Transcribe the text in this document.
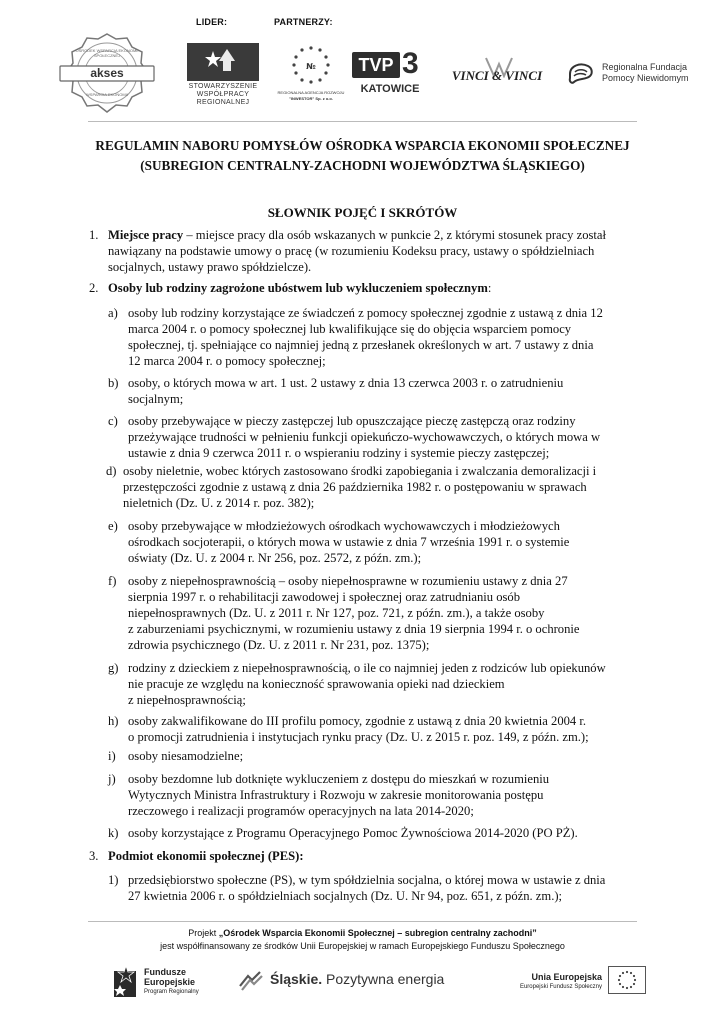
LIDER:	PARTNERZY:
akses
OŚRODEK WSPARCIA EKONOMII SPOŁECZNEJ
WSPARCIA EKONOMII
STOWARZYSZENIE
WSPÓŁPRACY
REGIONALNEJ
№
REGIONALNA AGENCJA ROZWOJU
"INWESTOR" Sp. z o.o.
TVP 3
KATOWICE
VINCI & VINCI
Regionalna Fundacja
Pomocy Niewidomym
REGULAMIN NABORU POMYSŁÓW OŚRODKA WSPARCIA EKONOMII SPOŁECZNEJ
(SUBREGION CENTRALNY-ZACHODNI WOJEWÓDZTWA ŚLĄSKIEGO)
SŁOWNIK POJĘĆ I SKRÓTÓW
1. Miejsce pracy – miejsce pracy dla osób wskazanych w punkcie 2, z którymi stosunek pracy został
nawiązany na podstawie umowy o pracę (w rozumieniu Kodeksu pracy, ustawy o spółdzielniach
socjalnych, ustawy prawo spółdzielcze).
2. Osoby lub rodziny zagrożone ubóstwem lub wykluczeniem społecznym:
a) osoby lub rodziny korzystające ze świadczeń z pomocy społecznej zgodnie z ustawą z dnia 12
marca 2004 r. o pomocy społecznej lub kwalifikujące się do objęcia wsparciem pomocy
społecznej, tj. spełniające co najmniej jedną z przesłanek określonych w art. 7 ustawy z dnia
12 marca 2004 r. o pomocy społecznej;
b) osoby, o których mowa w art. 1 ust. 2 ustawy z dnia 13 czerwca 2003 r. o zatrudnieniu
socjalnym;
c) osoby przebywające w pieczy zastępczej lub opuszczające pieczę zastępczą oraz rodziny
przeżywające trudności w pełnieniu funkcji opiekuńczo-wychowawczych, o których mowa w
ustawie z dnia 9 czerwca 2011 r. o wspieraniu rodziny i systemie pieczy zastępczej;
d) osoby nieletnie, wobec których zastosowano środki zapobiegania i zwalczania demoralizacji i
przestępczości zgodnie z ustawą z dnia 26 października 1982 r. o postępowaniu w sprawach
nieletnich (Dz. U. z 2014 r. poz. 382);
e) osoby przebywające w młodzieżowych ośrodkach wychowawczych i młodzieżowych
ośrodkach socjoterapii, o których mowa w ustawie z dnia 7 września 1991 r. o systemie
oświaty (Dz. U. z 2004 r. Nr 256, poz. 2572, z późn. zm.);
f) osoby z niepełnosprawnością – osoby niepełnosprawne w rozumieniu ustawy z dnia 27
sierpnia 1997 r. o rehabilitacji zawodowej i społecznej oraz zatrudnianiu osób
niepełnosprawnych (Dz. U. z 2011 r. Nr 127, poz. 721, z późn. zm.), a także osoby
z zaburzeniami psychicznymi, w rozumieniu ustawy z dnia 19 sierpnia 1994 r. o ochronie
zdrowia psychicznego (Dz. U. z 2011 r. Nr 231, poz. 1375);
g) rodziny z dzieckiem z niepełnosprawnością, o ile co najmniej jeden z rodziców lub opiekunów
nie pracuje ze względu na konieczność sprawowania opieki nad dzieckiem
z niepełnosprawnością;
h) osoby zakwalifikowane do III profilu pomocy, zgodnie z ustawą z dnia 20 kwietnia 2004 r.
o promocji zatrudnienia i instytucjach rynku pracy (Dz. U. z 2015 r. poz. 149, z późn. zm.);
i) osoby niesamodzielne;
j) osoby bezdomne lub dotknięte wykluczeniem z dostępu do mieszkań w rozumieniu
Wytycznych Ministra Infrastruktury i Rozwoju w zakresie monitorowania postępu
rzeczowego i realizacji programów operacyjnych na lata 2014-2020;
k) osoby korzystające z Programu Operacyjnego Pomoc Żywnościowa 2014-2020 (PO PŻ).
3. Podmiot ekonomii społecznej (PES):
1) przedsiębiorstwo społeczne (PS), w tym spółdzielnia socjalna, o której mowa w ustawie z dnia
27 kwietnia 2006 r. o spółdzielniach socjalnych (Dz. U. Nr 94, poz. 651, z późn. zm.);
Projekt „Ośrodek Wsparcia Ekonomii Społecznej – subregion centralny zachodni”
jest współfinansowany ze środków Unii Europejskiej w ramach Europejskiego Funduszu Społecznego
Fundusze
Europejskie
Program Regionalny
Śląskie. Pozytywna energia	Unia Europejska
Europejski Fundusz Społeczny
